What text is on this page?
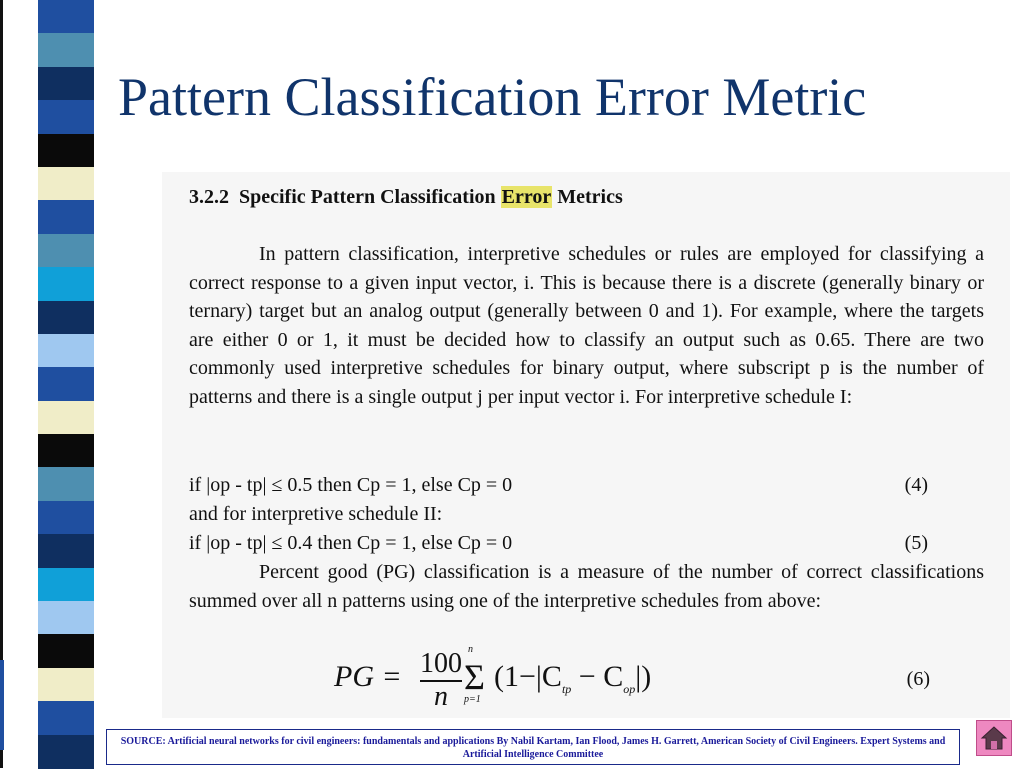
Pattern Classification Error Metric
3.2.2 Specific Pattern Classification Error Metrics

In pattern classification, interpretive schedules or rules are employed for classifying a correct response to a given input vector, i. This is because there is a discrete (generally binary or ternary) target but an analog output (generally between 0 and 1). For example, where the targets are either 0 or 1, it must be decided how to classify an output such as 0.65. There are two commonly used interpretive schedules for binary output, where subscript p is the number of patterns and there is a single output j per input vector i. For interpretive schedule I:

if |op - tp| ≤ 0.5 then Cp = 1, else Cp = 0	(4)
and for interpretive schedule II:
if |op - tp| ≤ 0.4 then Cp = 1, else Cp = 0	(5)

Percent good (PG) classification is a measure of the number of correct classifications summed over all n patterns using one of the interpretive schedules from above:

PG = $\frac{100}{n}$ n
Σ
p=1
$(1-|C_{tp} - C_{op}|)$	(6)
SOURCE: Artificial neural networks for civil engineers: fundamentals and applications By Nabil Kartam, Ian Flood, James H. Garrett, American Society of Civil Engineers. Expert Systems and Artificial Intelligence Committee
